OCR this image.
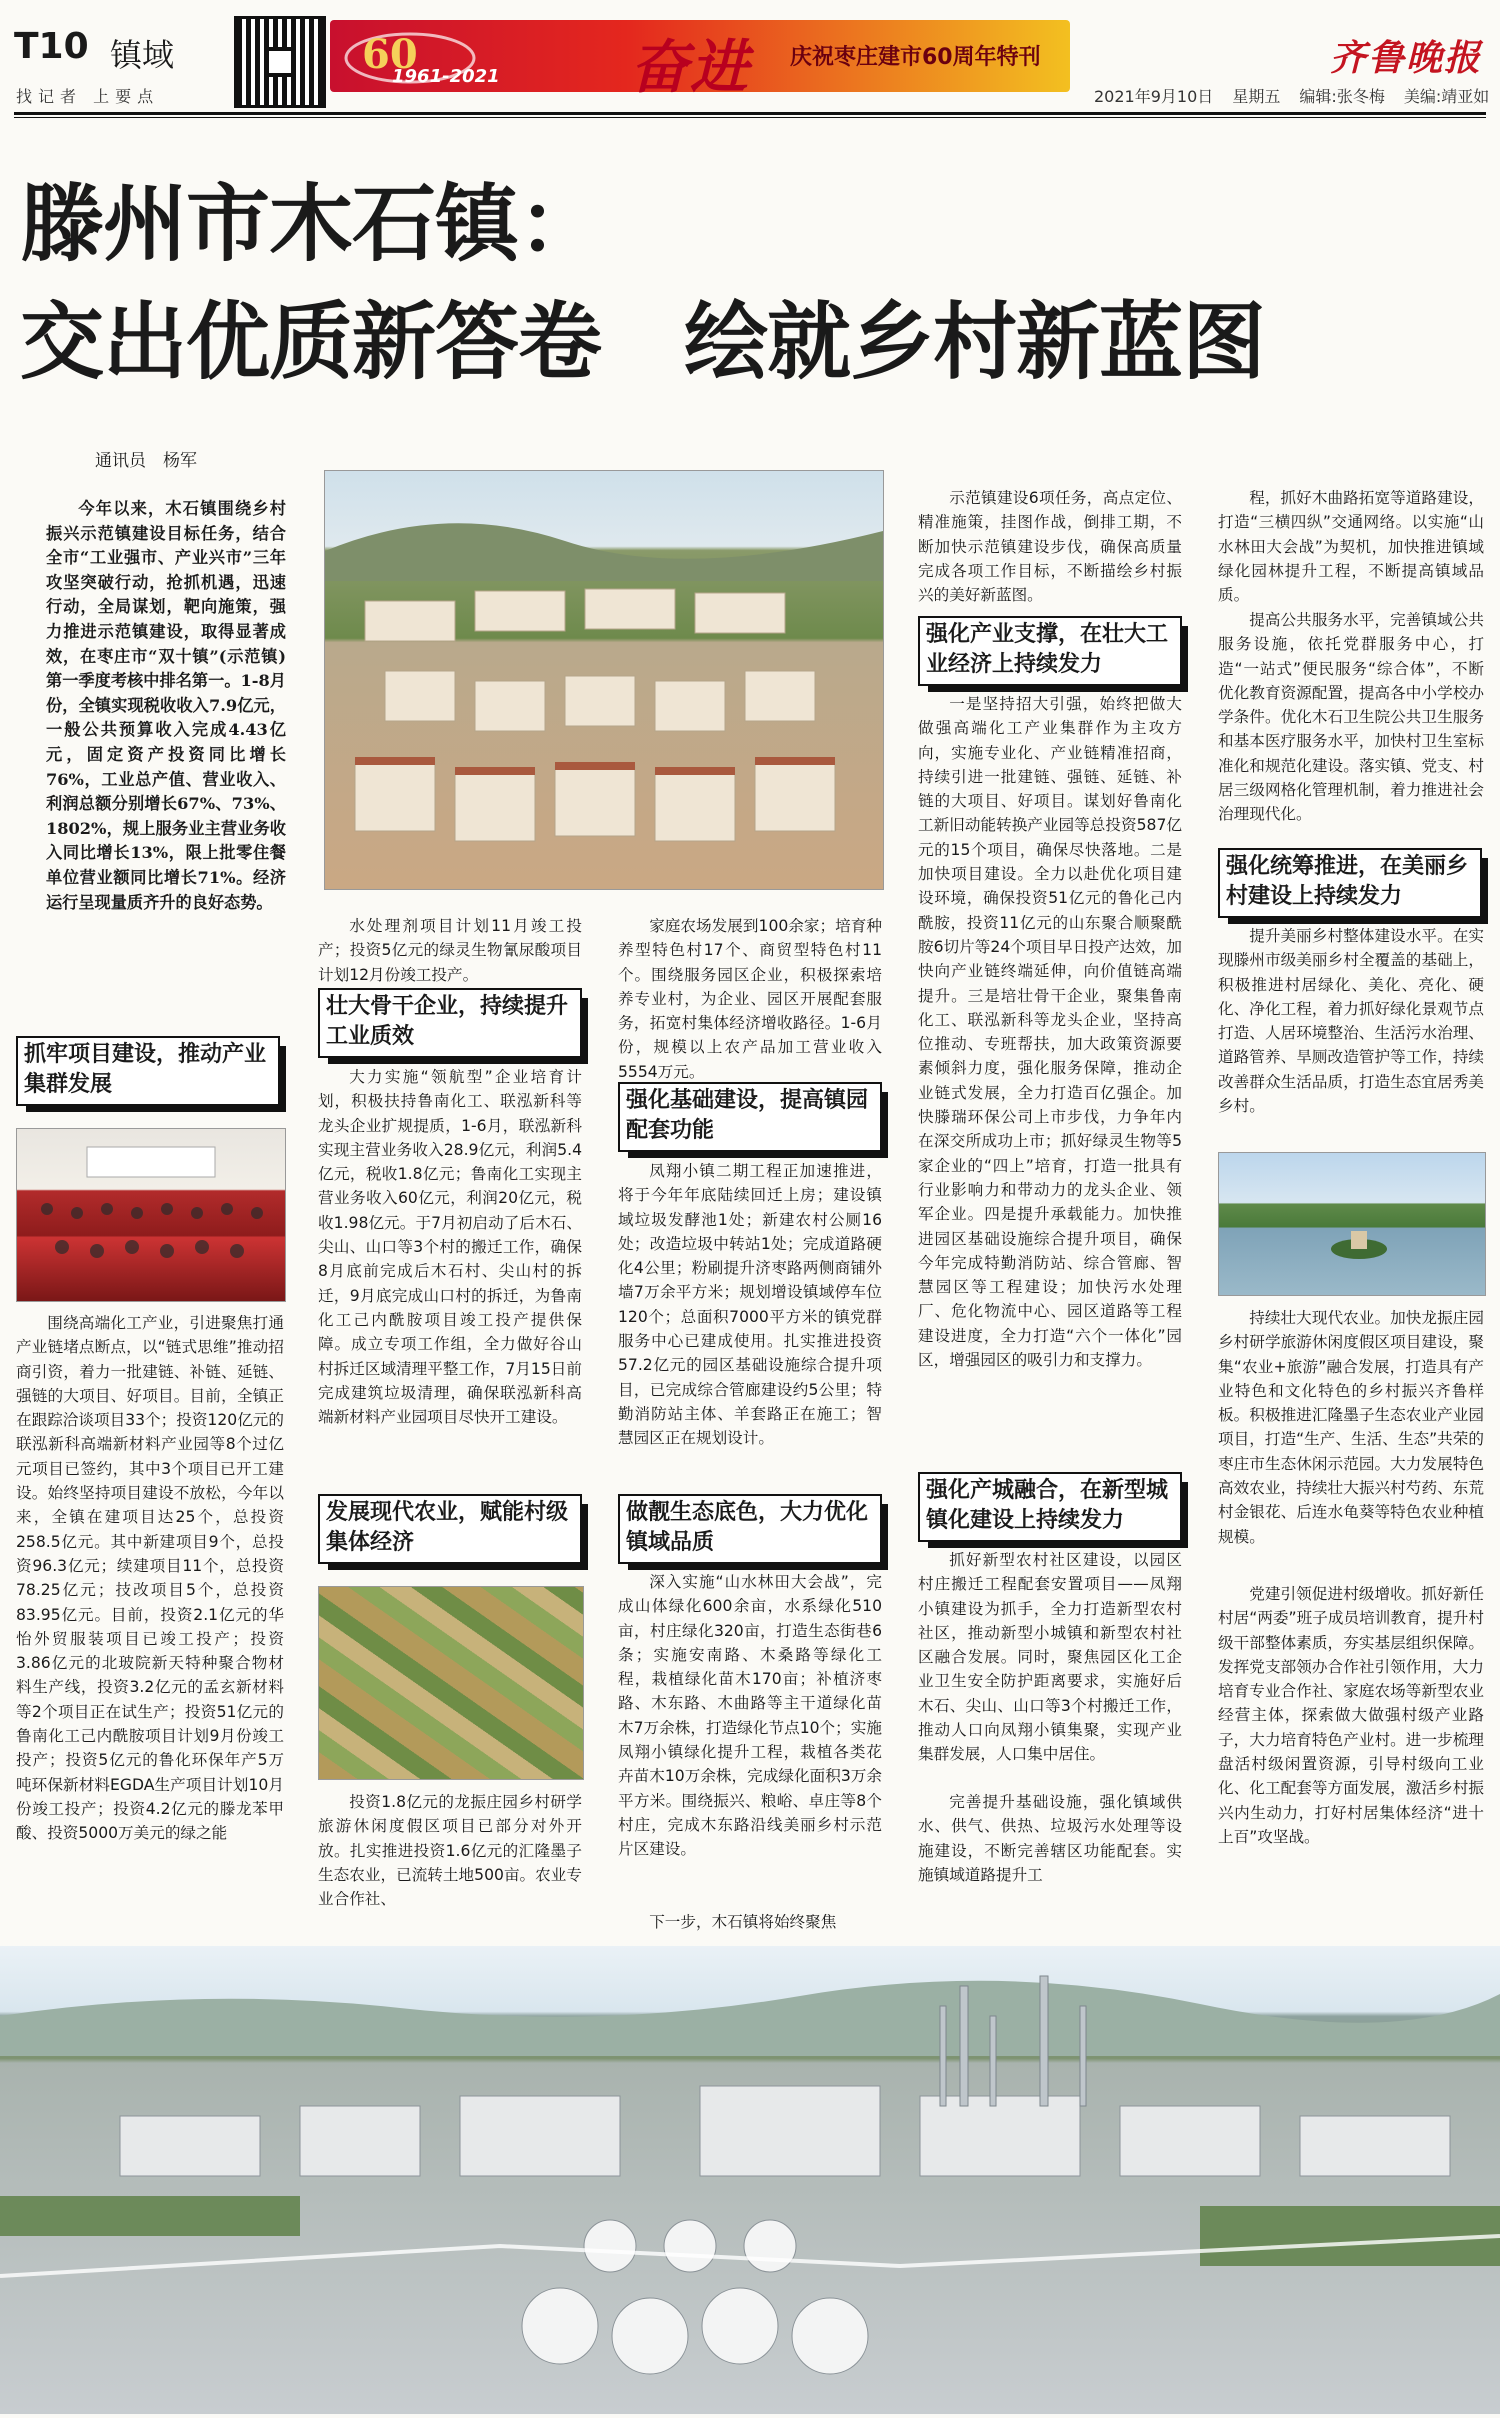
T10 镇域
找记者 上要点
60
1961-2021 奋进 庆祝枣庄建市60周年特刊	齐鲁晚报
2021年9月10日 星期五 编辑:张冬梅 美编:靖亚如
滕州市木石镇：
交出优质新答卷　绘就乡村新蓝图
通讯员　杨军

今年以来，木石镇围绕乡村振兴示范镇建设目标任务，结合全市“工业强市、产业兴市”三年攻坚突破行动，抢抓机遇，迅速行动，全局谋划，靶向施策，强力推进示范镇建设，取得显著成效，在枣庄市“双十镇”(示范镇)第一季度考核中排名第一。1-8月份，全镇实现税收收入7.9亿元，一般公共预算收入完成4.43亿元，固定资产投资同比增长76%，工业总产值、营业收入、利润总额分别增长67%、73%、1802%，规上服务业主营业务收入同比增长13%，限上批零住餐单位营业额同比增长71%。经济运行呈现量质齐升的良好态势。

抓牢项目建设，推动产业集群发展

围绕高端化工产业，引进聚焦打通产业链堵点断点，以“链式思维”推动招商引资，着力一批建链、补链、延链、强链的大项目、好项目。目前，全镇正在跟踪洽谈项目33个；投资120亿元的联泓新科高端新材料产业园等8个过亿元项目已签约，其中3个项目已开工建设。始终坚持项目建设不放松，今年以来，全镇在建项目达25个，总投资258.5亿元。其中新建项目9个，总投资96.3亿元；续建项目11个，总投资78.25亿元；技改项目5个，总投资83.95亿元。目前，投资2.1亿元的华怡外贸服装项目已竣工投产；投资3.86亿元的北玻院新天特种聚合物材料生产线，投资3.2亿元的孟玄新材料等2个项目正在试生产；投资51亿元的鲁南化工己内酰胺项目计划9月份竣工投产；投资5亿元的鲁化环保年产5万吨环保新材料EGDA生产项目计划10月份竣工投产；投资4.2亿元的滕龙苯甲酸、投资5000万美元的绿之能

水处理剂项目计划11月竣工投产；投资5亿元的绿灵生物氰尿酸项目计划12月份竣工投产。

壮大骨干企业，持续提升工业质效

大力实施“领航型”企业培育计划，积极扶持鲁南化工、联泓新科等龙头企业扩规提质，1-6月，联泓新科实现主营业务收入28.9亿元，利润5.4亿元，税收1.8亿元；鲁南化工实现主营业务收入60亿元，利润20亿元，税收1.98亿元。于7月初启动了后木石、尖山、山口等3个村的搬迁工作，确保8月底前完成后木石村、尖山村的拆迁，9月底完成山口村的拆迁，为鲁南化工己内酰胺项目竣工投产提供保障。成立专项工作组，全力做好谷山村拆迁区域清理平整工作，7月15日前完成建筑垃圾清理，确保联泓新科高端新材料产业园项目尽快开工建设。

发展现代农业，赋能村级集体经济

投资1.8亿元的龙振庄园乡村研学旅游休闲度假区项目已部分对外开放。扎实推进投资1.6亿元的汇隆墨子生态农业，已流转土地500亩。农业专业合作社、

家庭农场发展到100余家；培育种养型特色村17个、商贸型特色村11个。围绕服务园区企业，积极探索培养专业村，为企业、园区开展配套服务，拓宽村集体经济增收路径。1-6月份，规模以上农产品加工营业收入5554万元。

强化基础建设，提高镇园配套功能

凤翔小镇二期工程正加速推进，将于今年年底陆续回迁上房；建设镇域垃圾发酵池1处；新建农村公厕16处；改造垃圾中转站1处；完成道路硬化4公里；粉刷提升济枣路两侧商铺外墙7万余平方米；规划增设镇域停车位120个；总面积7000平方米的镇党群服务中心已建成使用。扎实推进投资57.2亿元的园区基础设施综合提升项目，已完成综合管廊建设约5公里；特勤消防站主体、羊套路正在施工；智慧园区正在规划设计。

做靓生态底色，大力优化镇域品质

深入实施“山水林田大会战”，完成山体绿化600余亩，水系绿化510亩，村庄绿化320亩，打造生态街巷6条；实施安南路、木桑路等绿化工程，栽植绿化苗木170亩；补植济枣路、木东路、木曲路等主干道绿化苗木7万余株，打造绿化节点10个；实施凤翔小镇绿化提升工程，栽植各类花卉苗木10万余株，完成绿化面积3万余平方米。围绕振兴、粮峪、卓庄等8个村庄，完成木东路沿线美丽乡村示范片区建设。

下一步，木石镇将始终聚焦

示范镇建设6项任务，高点定位、精准施策，挂图作战，倒排工期，不断加快示范镇建设步伐，确保高质量完成各项工作目标，不断描绘乡村振兴的美好新蓝图。

强化产业支撑，在壮大工业经济上持续发力

一是坚持招大引强，始终把做大做强高端化工产业集群作为主攻方向，实施专业化、产业链精准招商，持续引进一批建链、强链、延链、补链的大项目、好项目。谋划好鲁南化工新旧动能转换产业园等总投资587亿元的15个项目，确保尽快落地。二是加快项目建设。全力以赴优化项目建设环境，确保投资51亿元的鲁化己内酰胺，投资11亿元的山东聚合顺聚酰胺6切片等24个项目早日投产达效，加快向产业链终端延伸，向价值链高端提升。三是培壮骨干企业，聚集鲁南化工、联泓新科等龙头企业，坚持高位推动、专班帮扶，加大政策资源要素倾斜力度，强化服务保障，推动企业链式发展，全力打造百亿强企。加快滕瑞环保公司上市步伐，力争年内在深交所成功上市；抓好绿灵生物等5家企业的“四上”培育，打造一批具有行业影响力和带动力的龙头企业、领军企业。四是提升承载能力。加快推进园区基础设施综合提升项目，确保今年完成特勤消防站、综合管廊、智慧园区等工程建设；加快污水处理厂、危化物流中心、园区道路等工程建设进度，全力打造“六个一体化”园区，增强园区的吸引力和支撑力。

强化产城融合，在新型城镇化建设上持续发力

抓好新型农村社区建设，以园区村庄搬迁工程配套安置项目——凤翔小镇建设为抓手，全力打造新型农村社区，推动新型小城镇和新型农村社区融合发展。同时，聚焦园区化工企业卫生安全防护距离要求，实施好后木石、尖山、山口等3个村搬迁工作，推动人口向凤翔小镇集聚，实现产业集群发展，人口集中居住。

完善提升基础设施，强化镇域供水、供气、供热、垃圾污水处理等设施建设，不断完善辖区功能配套。实施镇域道路提升工

程，抓好木曲路拓宽等道路建设，打造“三横四纵”交通网络。以实施“山水林田大会战”为契机，加快推进镇域绿化园林提升工程，不断提高镇域品质。

提高公共服务水平，完善镇域公共服务设施，依托党群服务中心，打造“一站式”便民服务“综合体”，不断优化教育资源配置，提高各中小学校办学条件。优化木石卫生院公共卫生服务和基本医疗服务水平，加快村卫生室标准化和规范化建设。落实镇、党支、村居三级网格化管理机制，着力推进社会治理现代化。

强化统筹推进，在美丽乡村建设上持续发力

提升美丽乡村整体建设水平。在实现滕州市级美丽乡村全覆盖的基础上，积极推进村居绿化、美化、亮化、硬化、净化工程，着力抓好绿化景观节点打造、人居环境整治、生活污水治理、道路管养、旱厕改造管护等工作，持续改善群众生活品质，打造生态宜居秀美乡村。

持续壮大现代农业。加快龙振庄园乡村研学旅游休闲度假区项目建设，聚集“农业+旅游”融合发展，打造具有产业特色和文化特色的乡村振兴齐鲁样板。积极推进汇隆墨子生态农业产业园项目，打造“生产、生活、生态”共荣的枣庄市生态休闲示范园。大力发展特色高效农业，持续壮大振兴村芍药、东荒村金银花、后连水龟葵等特色农业种植规模。

党建引领促进村级增收。抓好新任村居“两委”班子成员培训教育，提升村级干部整体素质，夯实基层组织保障。发挥党支部领办合作社引领作用，大力培育专业合作社、家庭农场等新型农业经营主体，探索做大做强村级产业路子，大力培育特色产业村。进一步梳理盘活村级闲置资源，引导村级向工业化、化工配套等方面发展，激活乡村振兴内生动力，打好村居集体经济“进十上百”攻坚战。
